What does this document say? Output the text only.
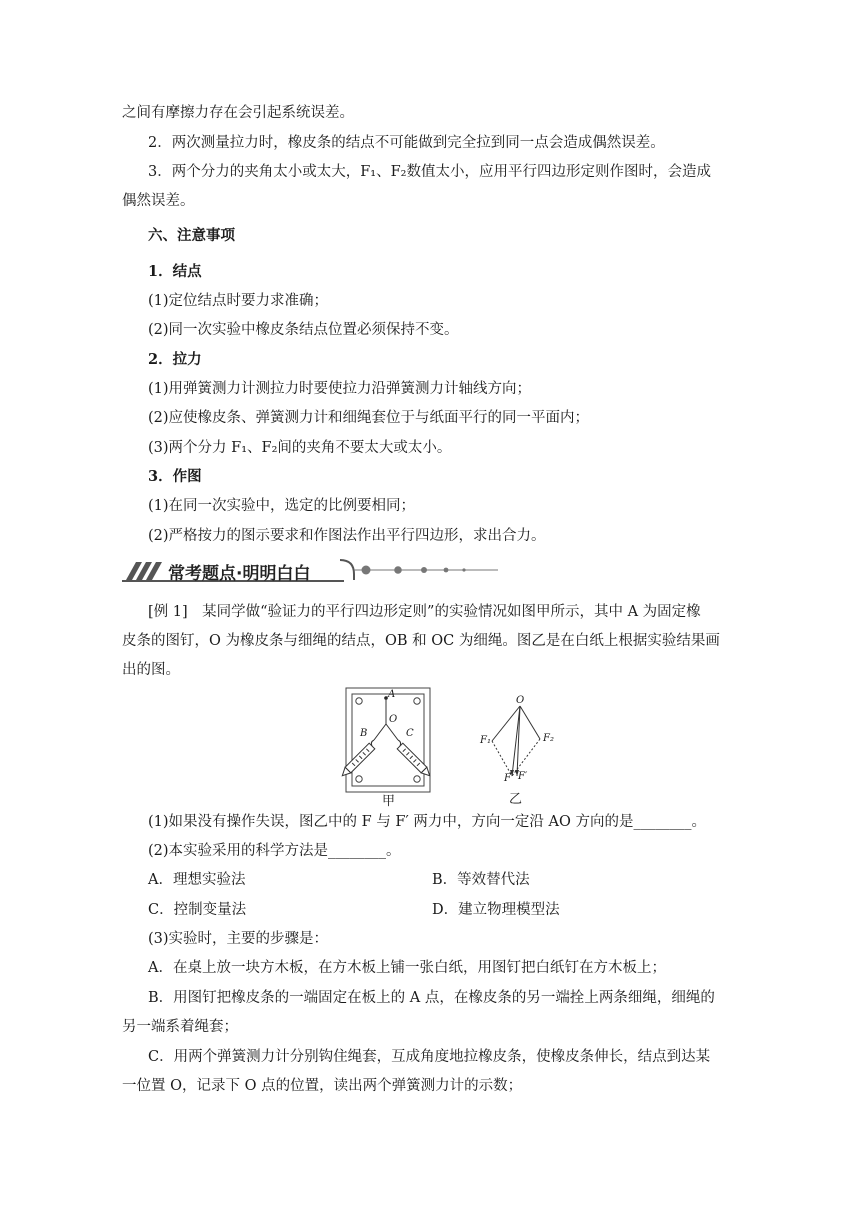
之间有摩擦力存在会引起系统误差。
2．两次测量拉力时，橡皮条的结点不可能做到完全拉到同一点会造成偶然误差。
3．两个分力的夹角太小或太大，F₁、F₂数值太小，应用平行四边形定则作图时，会造成
偶然误差。
六、注意事项
1．结点
(1)定位结点时要力求准确；
(2)同一次实验中橡皮条结点位置必须保持不变。
2．拉力
(1)用弹簧测力计测拉力时要使拉力沿弹簧测力计轴线方向；
(2)应使橡皮条、弹簧测力计和细绳套位于与纸面平行的同一平面内；
(3)两个分力 F₁、F₂间的夹角不要太大或太小。
3．作图
(1)在同一次实验中，选定的比例要相同；
(2)严格按力的图示要求和作图法作出平行四边形，求出合力。
常考题点·明明白白
[例 1]　某同学做“验证力的平行四边形定则”的实验情况如图甲所示，其中 A 为固定橡
皮条的图钉，O 为橡皮条与细绳的结点，OB 和 OC 为细绳。图乙是在白纸上根据实验结果画
出的图。
A
O
B	C
甲
O
F₁	F₂
F F′
乙
(1)如果没有操作失误，图乙中的 F 与 F′ 两力中，方向一定沿 AO 方向的是________。
(2)本实验采用的科学方法是________。
A．理想实验法	B．等效替代法
C．控制变量法	D．建立物理模型法
(3)实验时，主要的步骤是：
A．在桌上放一块方木板，在方木板上铺一张白纸，用图钉把白纸钉在方木板上；
B．用图钉把橡皮条的一端固定在板上的 A 点，在橡皮条的另一端拴上两条细绳，细绳的
另一端系着绳套；
C．用两个弹簧测力计分别钩住绳套，互成角度地拉橡皮条，使橡皮条伸长，结点到达某
一位置 O，记录下 O 点的位置，读出两个弹簧测力计的示数；
